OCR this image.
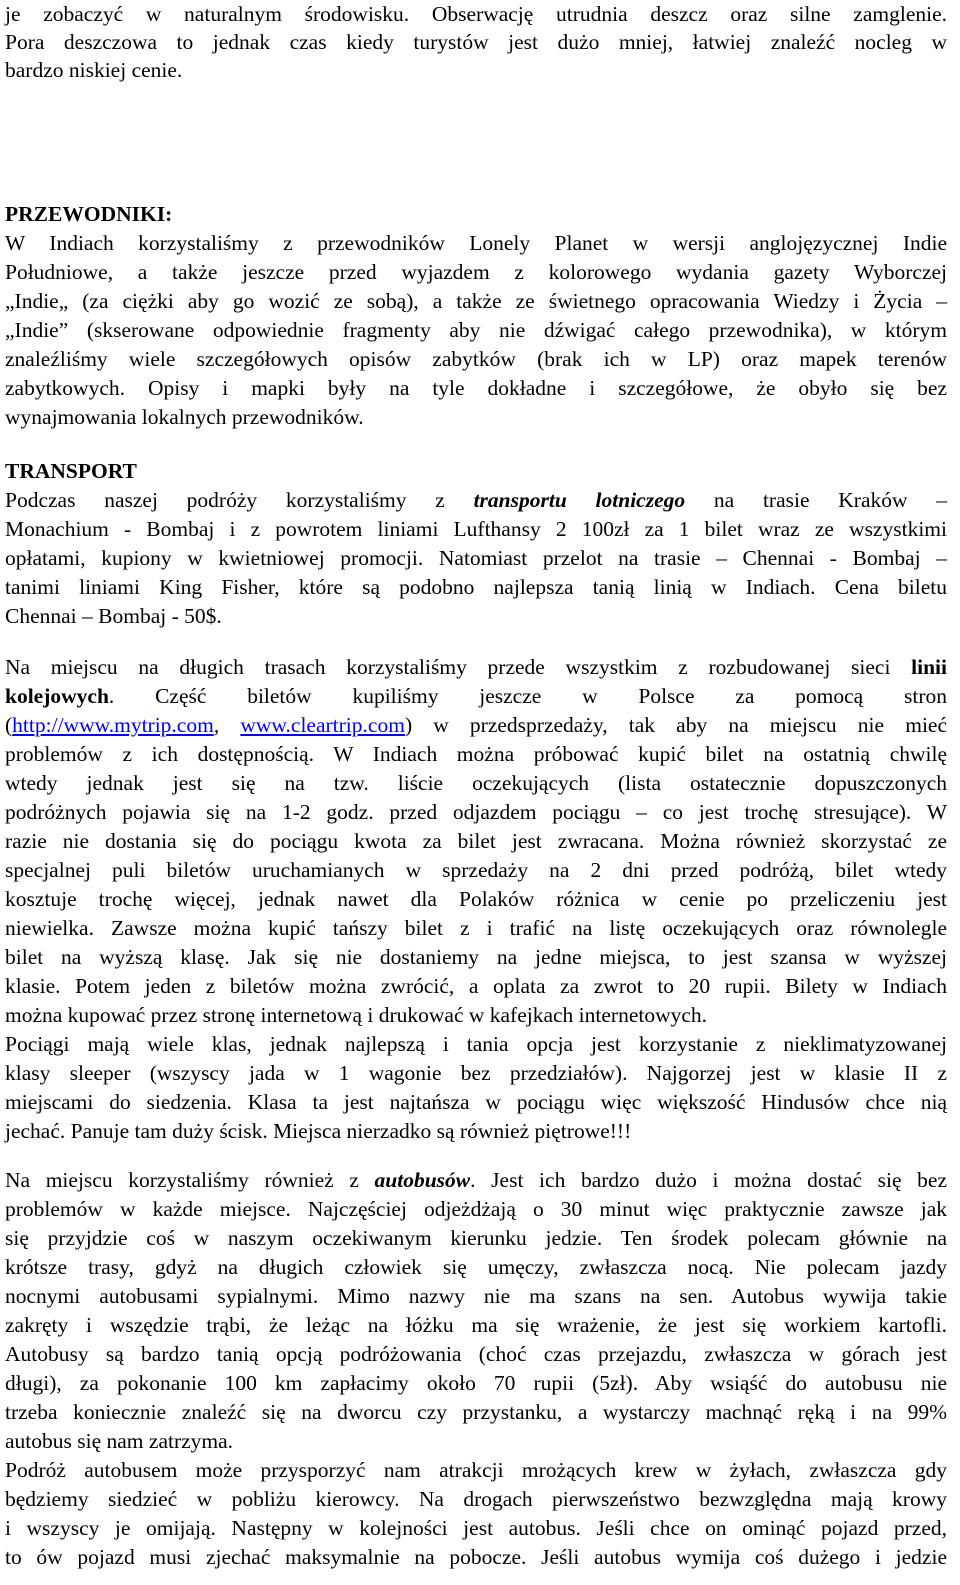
je zobaczyć w naturalnym środowisku. Obserwację utrudnia deszcz oraz silne zamglenie.
Pora deszczowa to jednak czas kiedy turystów jest dużo mniej, łatwiej znaleźć nocleg w
bardzo niskiej cenie.
PRZEWODNIKI:
W Indiach korzystaliśmy z przewodników Lonely Planet w wersji anglojęzycznej Indie
Południowe, a także jeszcze przed wyjazdem z kolorowego wydania gazety Wyborczej
„Indie„ (za ciężki aby go wozić ze sobą), a także ze świetnego opracowania Wiedzy i Życia –
„Indie” (skserowane odpowiednie fragmenty aby nie dźwigać całego przewodnika), w którym
znaleźliśmy wiele szczegółowych opisów zabytków (brak ich w LP) oraz mapek terenów
zabytkowych. Opisy i mapki były na tyle dokładne i szczegółowe, że obyło się bez
wynajmowania lokalnych przewodników.
TRANSPORT
Podczas naszej podróży korzystaliśmy z transportu lotniczego na trasie Kraków –
Monachium - Bombaj i z powrotem liniami Lufthansy 2 100zł za 1 bilet wraz ze wszystkimi
opłatami, kupiony w kwietniowej promocji. Natomiast przelot na trasie – Chennai - Bombaj –
tanimi liniami King Fisher, które są podobno najlepsza tanią linią w Indiach. Cena biletu
Chennai – Bombaj - 50$.
Na miejscu na długich trasach korzystaliśmy przede wszystkim z rozbudowanej sieci linii
kolejowych. Część biletów kupiliśmy jeszcze w Polsce za pomocą stron
(http://www.mytrip.com, www.cleartrip.com) w przedsprzedaży, tak aby na miejscu nie mieć
problemów z ich dostępnością. W Indiach można próbować kupić bilet na ostatnią chwilę
wtedy jednak jest się na tzw. liście oczekujących (lista ostatecznie dopuszczonych
podróżnych pojawia się na 1-2 godz. przed odjazdem pociągu – co jest trochę stresujące). W
razie nie dostania się do pociągu kwota za bilet jest zwracana. Można również skorzystać ze
specjalnej puli biletów uruchamianych w sprzedaży na 2 dni przed podróżą, bilet wtedy
kosztuje trochę więcej, jednak nawet dla Polaków różnica w cenie po przeliczeniu jest
niewielka. Zawsze można kupić tańszy bilet z i trafić na listę oczekujących oraz równolegle
bilet na wyższą klasę. Jak się nie dostaniemy na jedne miejsca, to jest szansa w wyższej
klasie. Potem jeden z biletów można zwrócić, a oplata za zwrot to 20 rupii. Bilety w Indiach
można kupować przez stronę internetową i drukować w kafejkach internetowych.
Pociągi mają wiele klas, jednak najlepszą i tania opcja jest korzystanie z nieklimatyzowanej
klasy sleeper (wszyscy jada w 1 wagonie bez przedziałów). Najgorzej jest w klasie II z
miejscami do siedzenia. Klasa ta jest najtańsza w pociągu więc większość Hindusów chce nią
jechać. Panuje tam duży ścisk. Miejsca nierzadko są również piętrowe!!!
Na miejscu korzystaliśmy również z autobusów. Jest ich bardzo dużo i można dostać się bez
problemów w każde miejsce. Najczęściej odjeżdżają o 30 minut więc praktycznie zawsze jak
się przyjdzie coś w naszym oczekiwanym kierunku jedzie. Ten środek polecam głównie na
krótsze trasy, gdyż na długich człowiek się umęczy, zwłaszcza nocą. Nie polecam jazdy
nocnymi autobusami sypialnymi. Mimo nazwy nie ma szans na sen. Autobus wywija takie
zakręty i wszędzie trąbi, że leżąc na łóżku ma się wrażenie, że jest się workiem kartofli.
Autobusy są bardzo tanią opcją podróżowania (choć czas przejazdu, zwłaszcza w górach jest
długi), za pokonanie 100 km zapłacimy około 70 rupii (5zł). Aby wsiąść do autobusu nie
trzeba koniecznie znaleźć się na dworcu czy przystanku, a wystarczy machnąć ręką i na 99%
autobus się nam zatrzyma.
Podróż autobusem może przysporzyć nam atrakcji mrożących krew w żyłach, zwłaszcza gdy
będziemy siedzieć w pobliżu kierowcy. Na drogach pierwszeństwo bezwzględna mają krowy
i wszyscy je omijają. Następny w kolejności jest autobus. Jeśli chce on ominąć pojazd przed,
to ów pojazd musi zjechać maksymalnie na pobocze. Jeśli autobus wymija coś dużego i jedzie
